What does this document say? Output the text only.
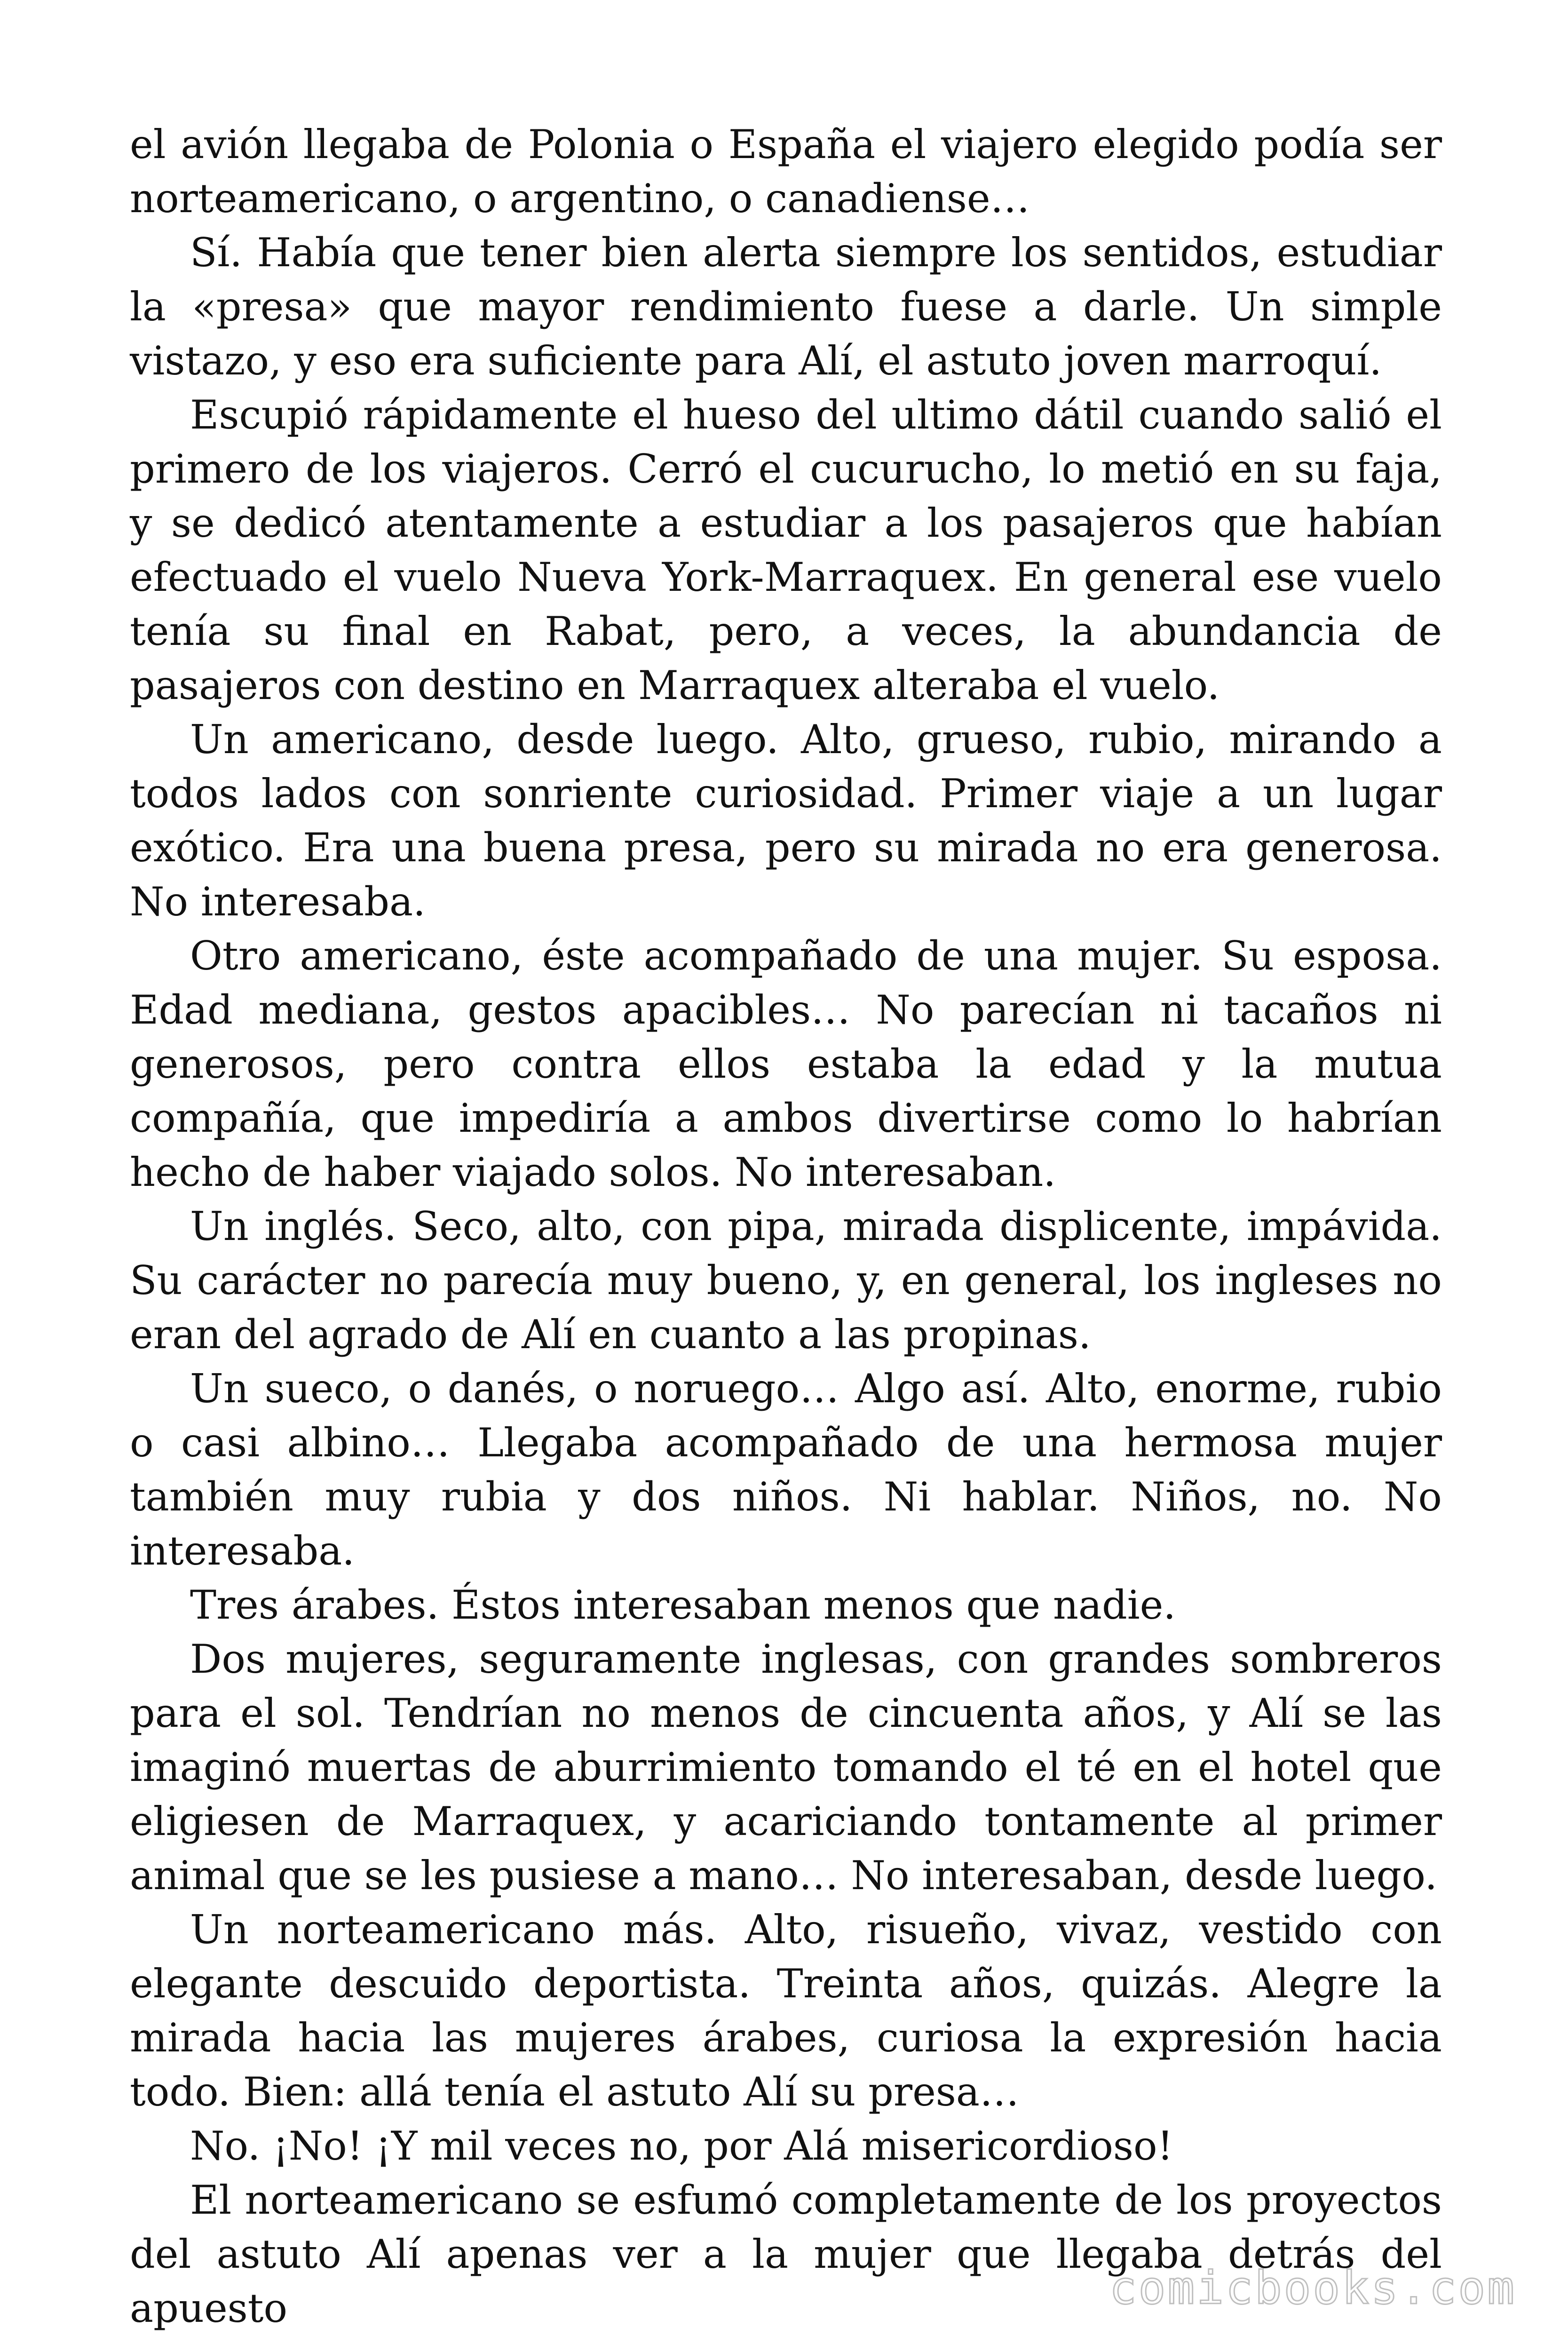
el avión llegaba de Polonia o España el viajero elegido podía ser norteamericano, o argentino, o canadiense…

Sí. Había que tener bien alerta siempre los sentidos, estudiar la «presa» que mayor rendimiento fuese a darle. Un simple vistazo, y eso era suficiente para Alí, el astuto joven marroquí.

Escupió rápidamente el hueso del ultimo dátil cuando salió el primero de los viajeros. Cerró el cucurucho, lo metió en su faja, y se dedicó atentamente a estudiar a los pasajeros que habían efectuado el vuelo Nueva York-Marraquex. En general ese vuelo tenía su final en Rabat, pero, a veces, la abundancia de pasajeros con destino en Marraquex alteraba el vuelo.

Un americano, desde luego. Alto, grueso, rubio, mirando a todos lados con sonriente curiosidad. Primer viaje a un lugar exótico. Era una buena presa, pero su mirada no era generosa. No interesaba.

Otro americano, éste acompañado de una mujer. Su esposa. Edad mediana, gestos apacibles… No parecían ni tacaños ni generosos, pero contra ellos estaba la edad y la mutua compañía, que impediría a ambos divertirse como lo habrían hecho de haber viajado solos. No interesaban.

Un inglés. Seco, alto, con pipa, mirada displicente, impávida. Su carácter no parecía muy bueno, y, en general, los ingleses no eran del agrado de Alí en cuanto a las propinas.

Un sueco, o danés, o noruego… Algo así. Alto, enorme, rubio o casi albino… Llegaba acompañado de una hermosa mujer también muy rubia y dos niños. Ni hablar. Niños, no. No interesaba.

Tres árabes. Éstos interesaban menos que nadie.

Dos mujeres, seguramente inglesas, con grandes sombreros para el sol. Tendrían no menos de cincuenta años, y Alí se las imaginó muertas de aburrimiento tomando el té en el hotel que eligiesen de Marraquex, y acariciando tontamente al primer animal que se les pusiese a mano… No interesaban, desde luego.

Un norteamericano más. Alto, risueño, vivaz, vestido con elegante descuido deportista. Treinta años, quizás. Alegre la mirada hacia las mujeres árabes, curiosa la expresión hacia todo. Bien: allá tenía el astuto Alí su presa…

No. ¡No! ¡Y mil veces no, por Alá misericordioso!

El norteamericano se esfumó completamente de los proyectos del astuto Alí apenas ver a la mujer que llegaba detrás del apuesto	comicbooks.com
